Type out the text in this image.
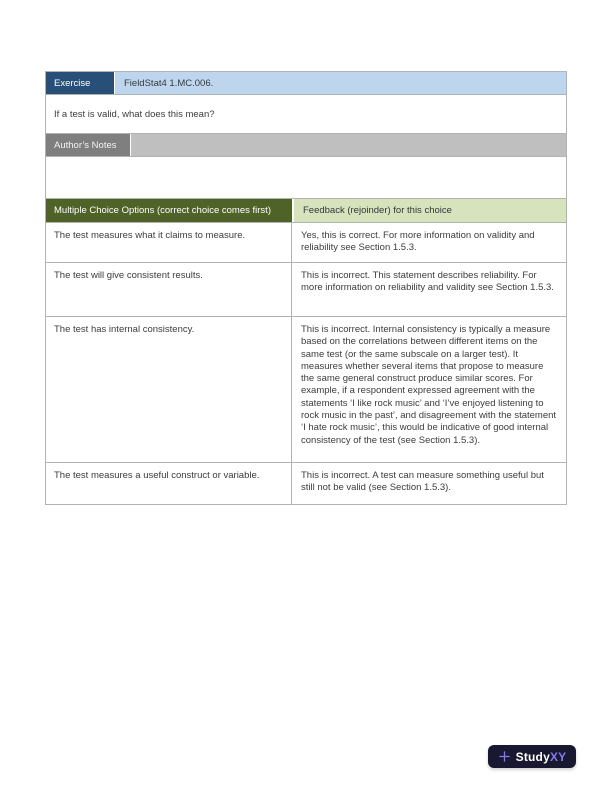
Exercise	FieldStat4 1.MC.006.
If a test is valid, what does this mean?
Author’s Notes
Multiple Choice Options (correct choice comes first)	Feedback (rejoinder) for this choice
The test measures what it claims to measure.	Yes, this is correct. For more information on validity and reliability see Section 1.5.3.
The test will give consistent results.	This is incorrect. This statement describes reliability. For more information on reliability and validity see Section 1.5.3.
The test has internal consistency.	This is incorrect. Internal consistency is typically a measure based on the correlations between different items on the same test (or the same subscale on a larger test). It measures whether several items that propose to measure the same general construct produce similar scores. For example, if a respondent expressed agreement with the statements ‘I like rock music’ and ‘I’ve enjoyed listening to rock music in the past’, and disagreement with the statement ‘I hate rock music’, this would be indicative of good internal consistency of the test (see Section 1.5.3).
The test measures a useful construct or variable.	This is incorrect. A test can measure something useful but still not be valid (see Section 1.5.3).
StudyXY
